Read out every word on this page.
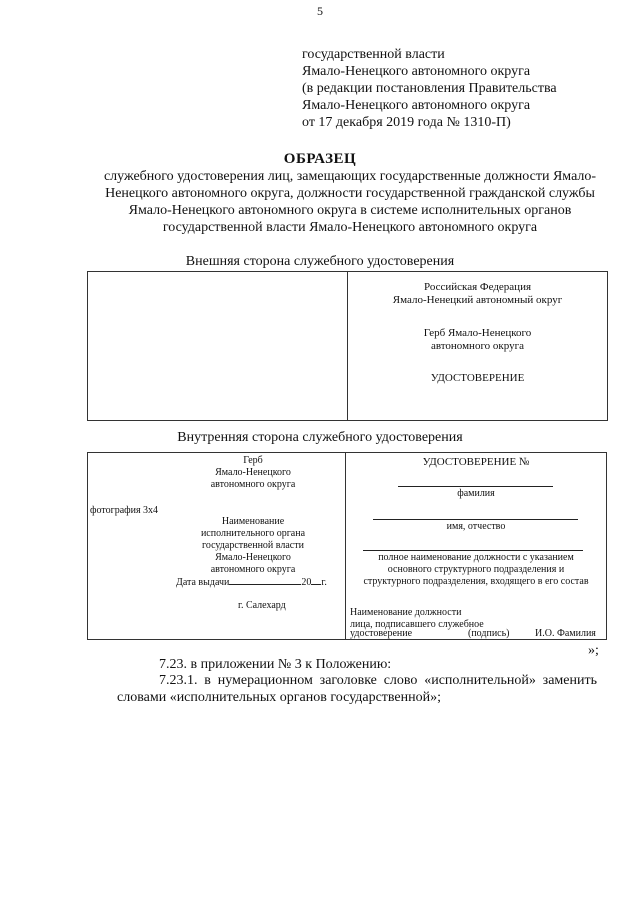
5
государственной власти
Ямало-Ненецкого автономного округа
(в редакции постановления Правительства
Ямало-Ненецкого автономного округа
от 17 декабря 2019 года № 1310-П)
ОБРАЗЕЦ
служебного удостоверения лиц, замещающих государственные должности Ямало-Ненецкого автономного округа, должности государственной гражданской службы Ямало-Ненецкого автономного округа в системе исполнительных органов государственной власти Ямало-Ненецкого автономного округа
Внешняя сторона служебного удостоверения
Российская Федерация
Ямало-Ненецкий автономный округ
Герб Ямало-Ненецкого
автономного округа
УДОСТОВЕРЕНИЕ
Внутренняя сторона служебного удостоверения
Герб
Ямало-Ненецкого
автономного округа
фотография 3х4
Наименование
исполнительного органа
государственной власти
Ямало-Ненецкого
автономного округа
Дата выдачи	20 г.
г. Салехард
УДОСТОВЕРЕНИЕ №
фамилия
имя, отчество
полное наименование должности с указанием
основного структурного подразделения и
структурного подразделения, входящего в его состав
Наименование должности
лица, подписавшего служебное
удостоверение	(подпись)	И.О. Фамилия
»;
7.23. в приложении № 3 к Положению:
7.23.1. в нумерационном заголовке слово «исполнительной» заменить
словами «исполнительных органов государственной»;
